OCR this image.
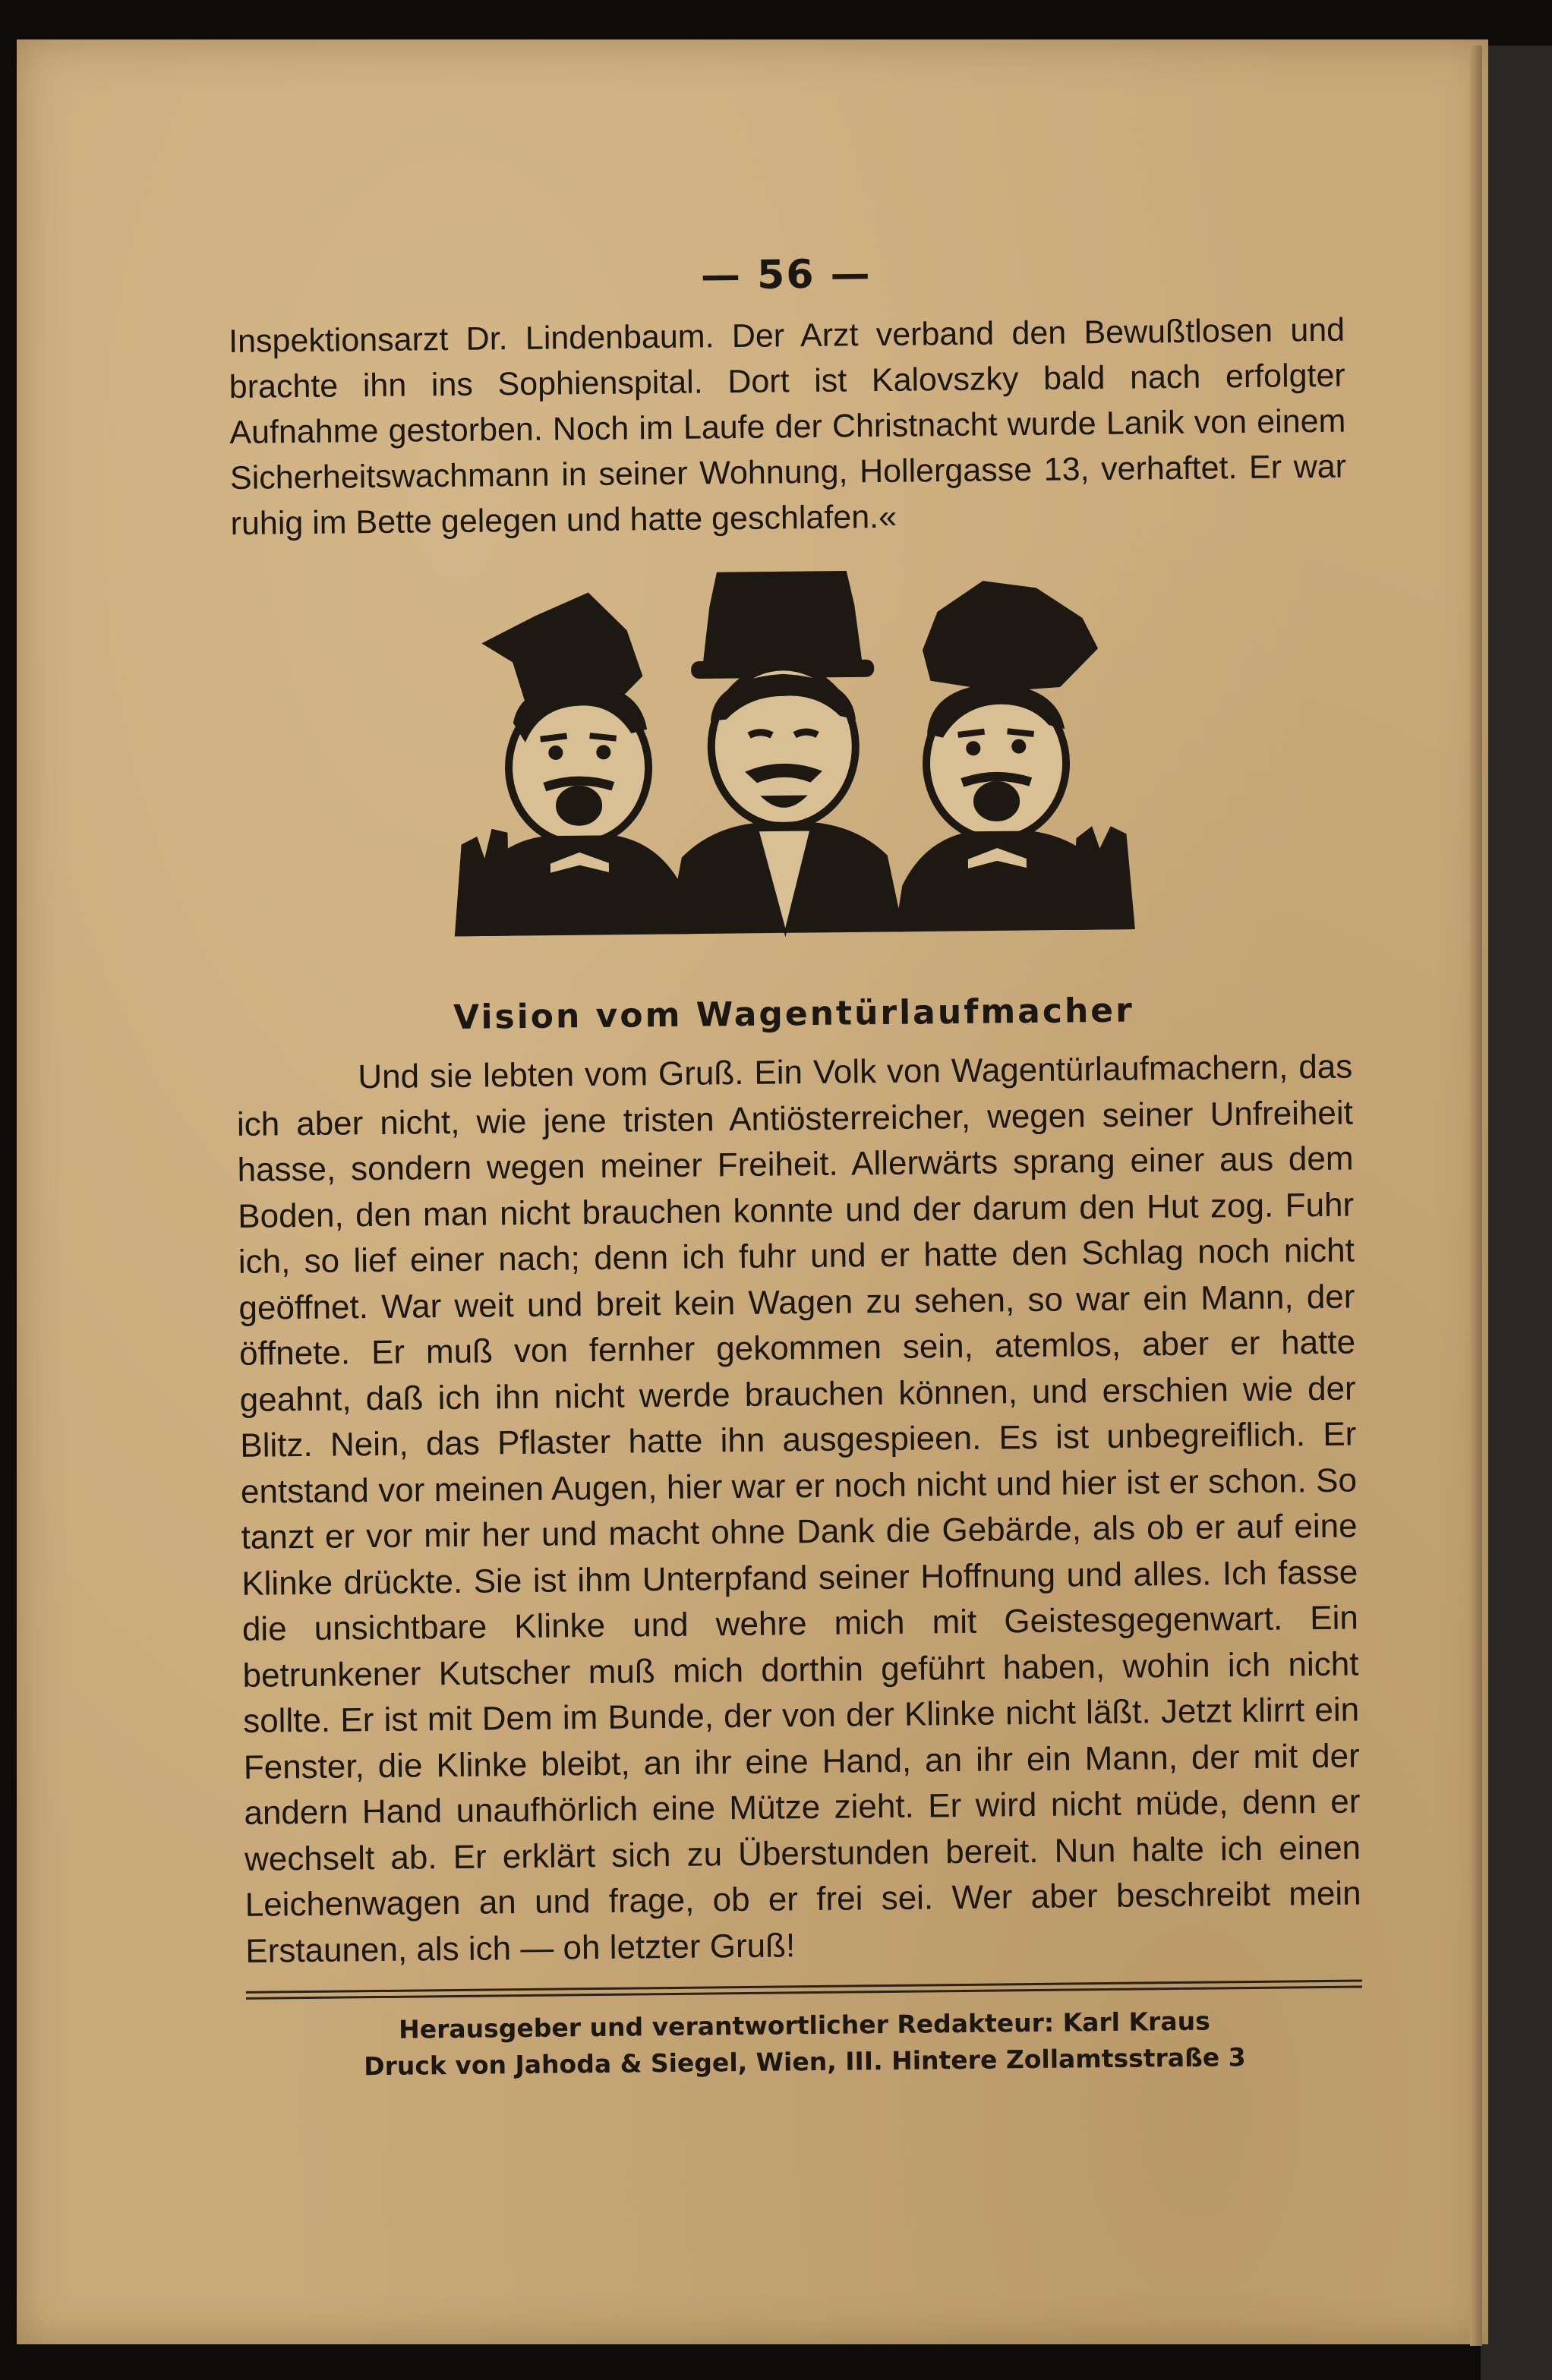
— 56 —
Inspektionsarzt Dr. Lindenbaum. Der Arzt verband den Bewußtlosen und brachte ihn ins Sophienspital. Dort ist Kalovszky bald nach erfolgter Aufnahme gestorben. Noch im Laufe der Christnacht wurde Lanik von einem Sicherheitswachmann in seiner Wohnung, Hollergasse 13, verhaftet. Er war ruhig im Bette gelegen und hatte geschlafen.«
Vision vom Wagentürlaufmacher

Und sie lebten vom Gruß. Ein Volk von Wagentürlaufmachern, das ich aber nicht, wie jene tristen Antiösterreicher, wegen seiner Unfreiheit hasse, sondern wegen meiner Freiheit. Allerwärts sprang einer aus dem Boden, den man nicht brauchen konnte und der darum den Hut zog. Fuhr ich, so lief einer nach; denn ich fuhr und er hatte den Schlag noch nicht geöffnet. War weit und breit kein Wagen zu sehen, so war ein Mann, der öffnete. Er muß von fernher gekommen sein, atemlos, aber er hatte geahnt, daß ich ihn nicht werde brauchen können, und erschien wie der Blitz. Nein, das Pflaster hatte ihn ausgespieen. Es ist unbegreiflich. Er entstand vor meinen Augen, hier war er noch nicht und hier ist er schon. So tanzt er vor mir her und macht ohne Dank die Gebärde, als ob er auf eine Klinke drückte. Sie ist ihm Unterpfand seiner Hoffnung und alles. Ich fasse die unsichtbare Klinke und wehre mich mit Geistesgegenwart. Ein betrunkener Kutscher muß mich dorthin geführt haben, wohin ich nicht sollte. Er ist mit Dem im Bunde, der von der Klinke nicht läßt. Jetzt klirrt ein Fenster, die Klinke bleibt, an ihr eine Hand, an ihr ein Mann, der mit der andern Hand unaufhörlich eine Mütze zieht. Er wird nicht müde, denn er wechselt ab. Er erklärt sich zu Überstunden bereit. Nun halte ich einen Leichenwagen an und frage, ob er frei sei. Wer aber beschreibt mein Erstaunen, als ich — oh letzter Gruß!

Herausgeber und verantwortlicher Redakteur: Karl Kraus
Druck von Jahoda & Siegel, Wien, III. Hintere Zollamtsstraße 3
